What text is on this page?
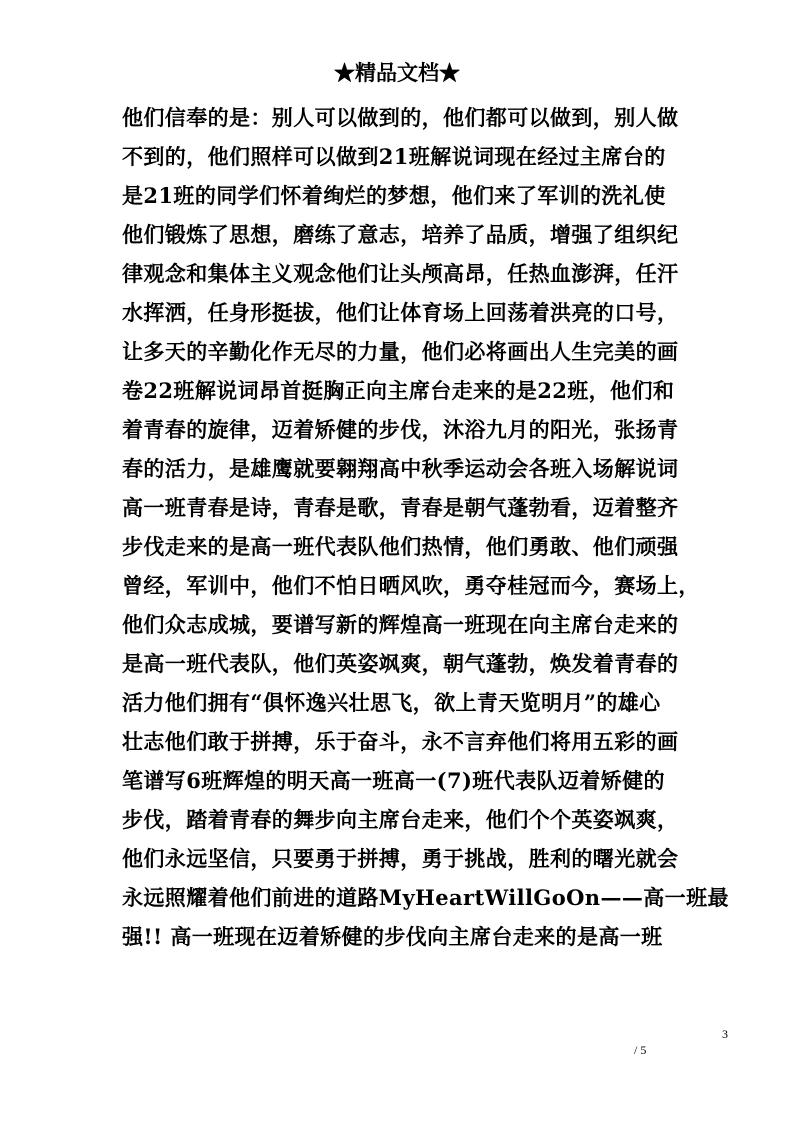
★精品文档★
他们信奉的是：别人可以做到的，他们都可以做到，别人做
不到的，他们照样可以做到21班解说词现在经过主席台的
是21班的同学们怀着绚烂的梦想，他们来了军训的洗礼使
他们锻炼了思想，磨练了意志，培养了品质，增强了组织纪
律观念和集体主义观念他们让头颅高昂，任热血澎湃，任汗
水挥洒，任身形挺拔，他们让体育场上回荡着洪亮的口号，
让多天的辛勤化作无尽的力量，他们必将画出人生完美的画
卷22班解说词昂首挺胸正向主席台走来的是22班，他们和
着青春的旋律，迈着矫健的步伐，沐浴九月的阳光，张扬青
春的活力，是雄鹰就要翱翔高中秋季运动会各班入场解说词
高一班青春是诗，青春是歌，青春是朝气蓬勃看，迈着整齐
步伐走来的是高一班代表队他们热情，他们勇敢、他们顽强
曾经，军训中，他们不怕日晒风吹，勇夺桂冠而今，赛场上，
他们众志成城，要谱写新的辉煌高一班现在向主席台走来的
是高一班代表队，他们英姿飒爽，朝气蓬勃，焕发着青春的
活力他们拥有“俱怀逸兴壮思飞，欲上青天览明月”的雄心
壮志他们敢于拼搏，乐于奋斗，永不言弃他们将用五彩的画
笔谱写6班辉煌的明天高一班高一(7)班代表队迈着矫健的
步伐，踏着青春的舞步向主席台走来，他们个个英姿飒爽，
他们永远坚信，只要勇于拼搏，勇于挑战，胜利的曙光就会
永远照耀着他们前进的道路MyHeartWillGoOn——高一班最
强!! 高一班现在迈着矫健的步伐向主席台走来的是高一班
3
/ 5
